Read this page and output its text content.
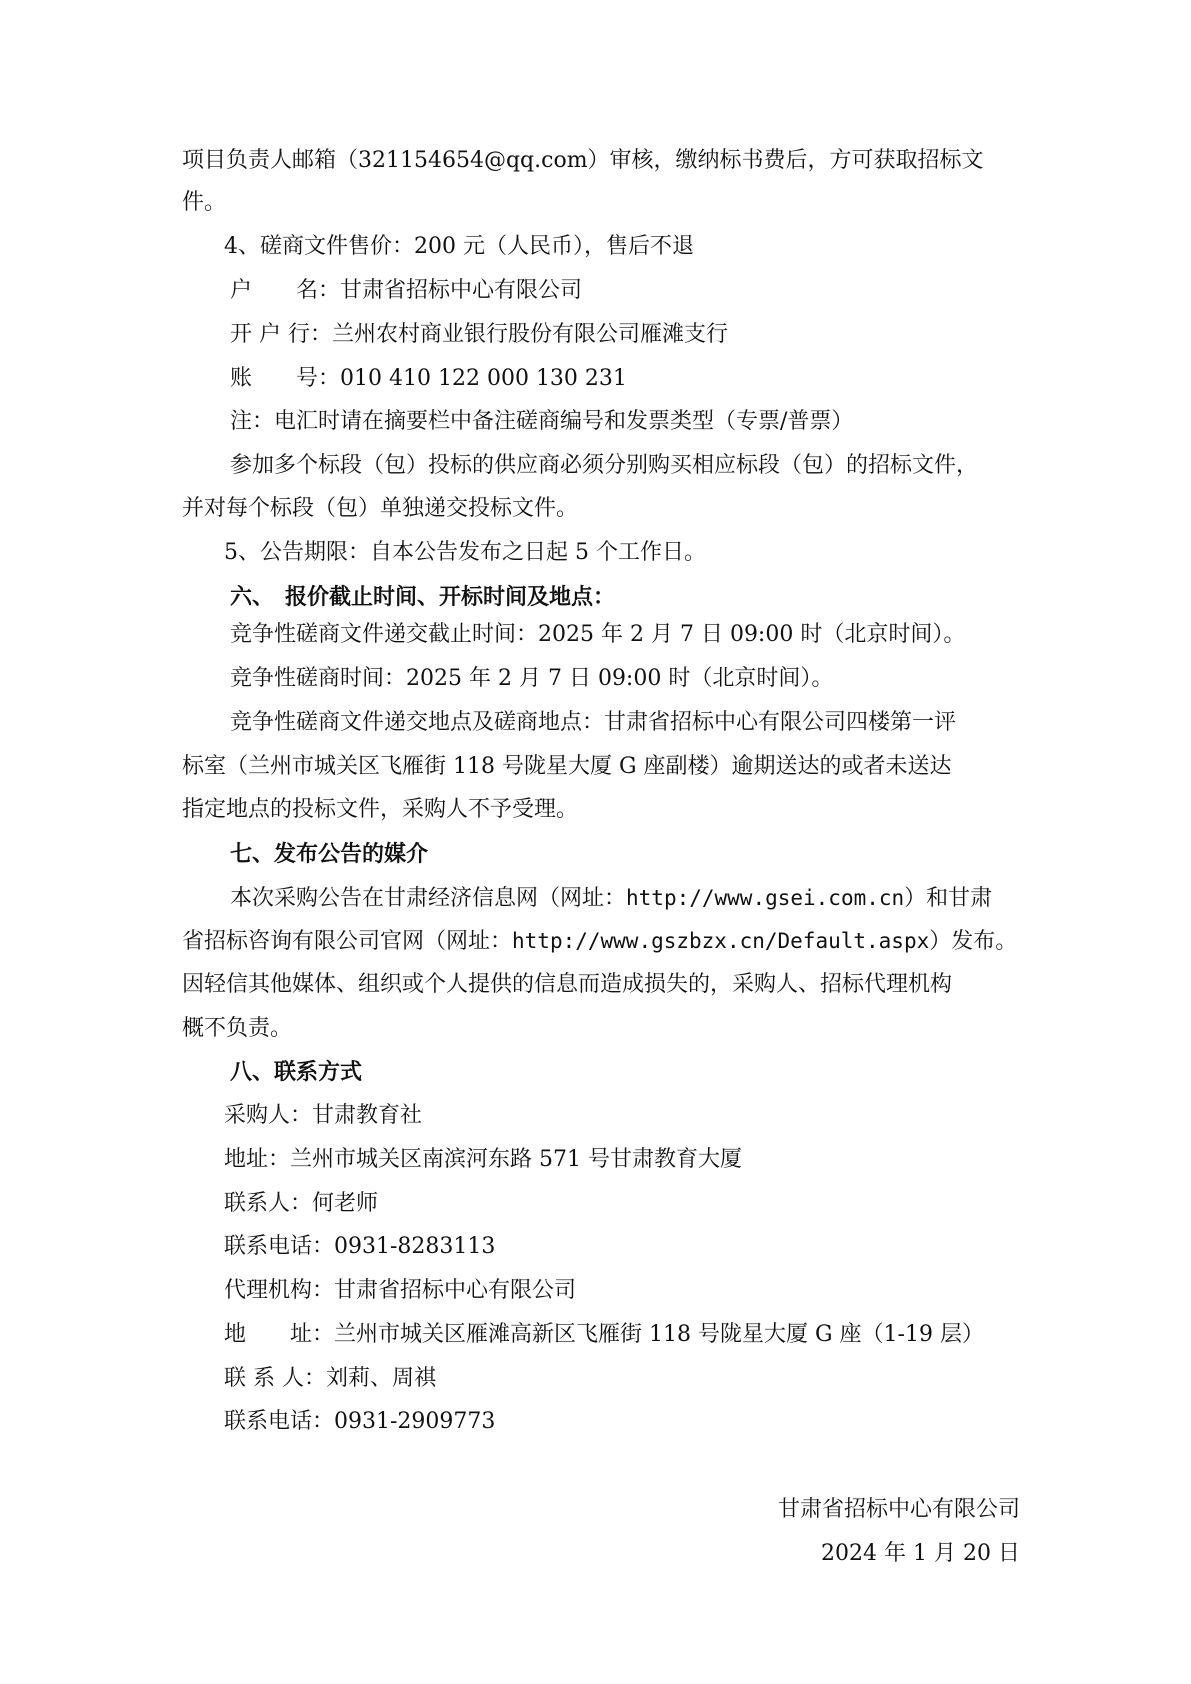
项目负责人邮箱（321154654@qq.com）审核，缴纳标书费后，方可获取招标文
件。
4、磋商文件售价：200 元（人民币），售后不退
户　　名：甘肃省招标中心有限公司
开 户 行：兰州农村商业银行股份有限公司雁滩支行
账　　号：010 410 122 000 130 231
注：电汇时请在摘要栏中备注磋商编号和发票类型（专票/普票）
参加多个标段（包）投标的供应商必须分别购买相应标段（包）的招标文件，
并对每个标段（包）单独递交投标文件。
5、公告期限：自本公告发布之日起 5 个工作日。
六、　报价截止时间、开标时间及地点：
竞争性磋商文件递交截止时间：2025 年 2 月 7 日 09:00 时（北京时间）。
竞争性磋商时间：2025 年 2 月 7 日 09:00 时（北京时间）。
竞争性磋商文件递交地点及磋商地点：甘肃省招标中心有限公司四楼第一评
标室（兰州市城关区飞雁街 118 号陇星大厦 G 座副楼）逾期送达的或者未送达
指定地点的投标文件，采购人不予受理。
七、发布公告的媒介
本次采购公告在甘肃经济信息网（网址：http://www.gsei.com.cn）和甘肃
省招标咨询有限公司官网（网址：http://www.gszbzx.cn/Default.aspx）发布。
因轻信其他媒体、组织或个人提供的信息而造成损失的，采购人、招标代理机构
概不负责。
八、联系方式
采购人：甘肃教育社
地址：兰州市城关区南滨河东路 571 号甘肃教育大厦
联系人：何老师
联系电话：0931-8283113
代理机构：甘肃省招标中心有限公司
地　　址：兰州市城关区雁滩高新区飞雁街 118 号陇星大厦 G 座（1-19 层）
联 系 人：刘莉、周祺
联系电话：0931-2909773
甘肃省招标中心有限公司
2024 年 1 月 20 日
